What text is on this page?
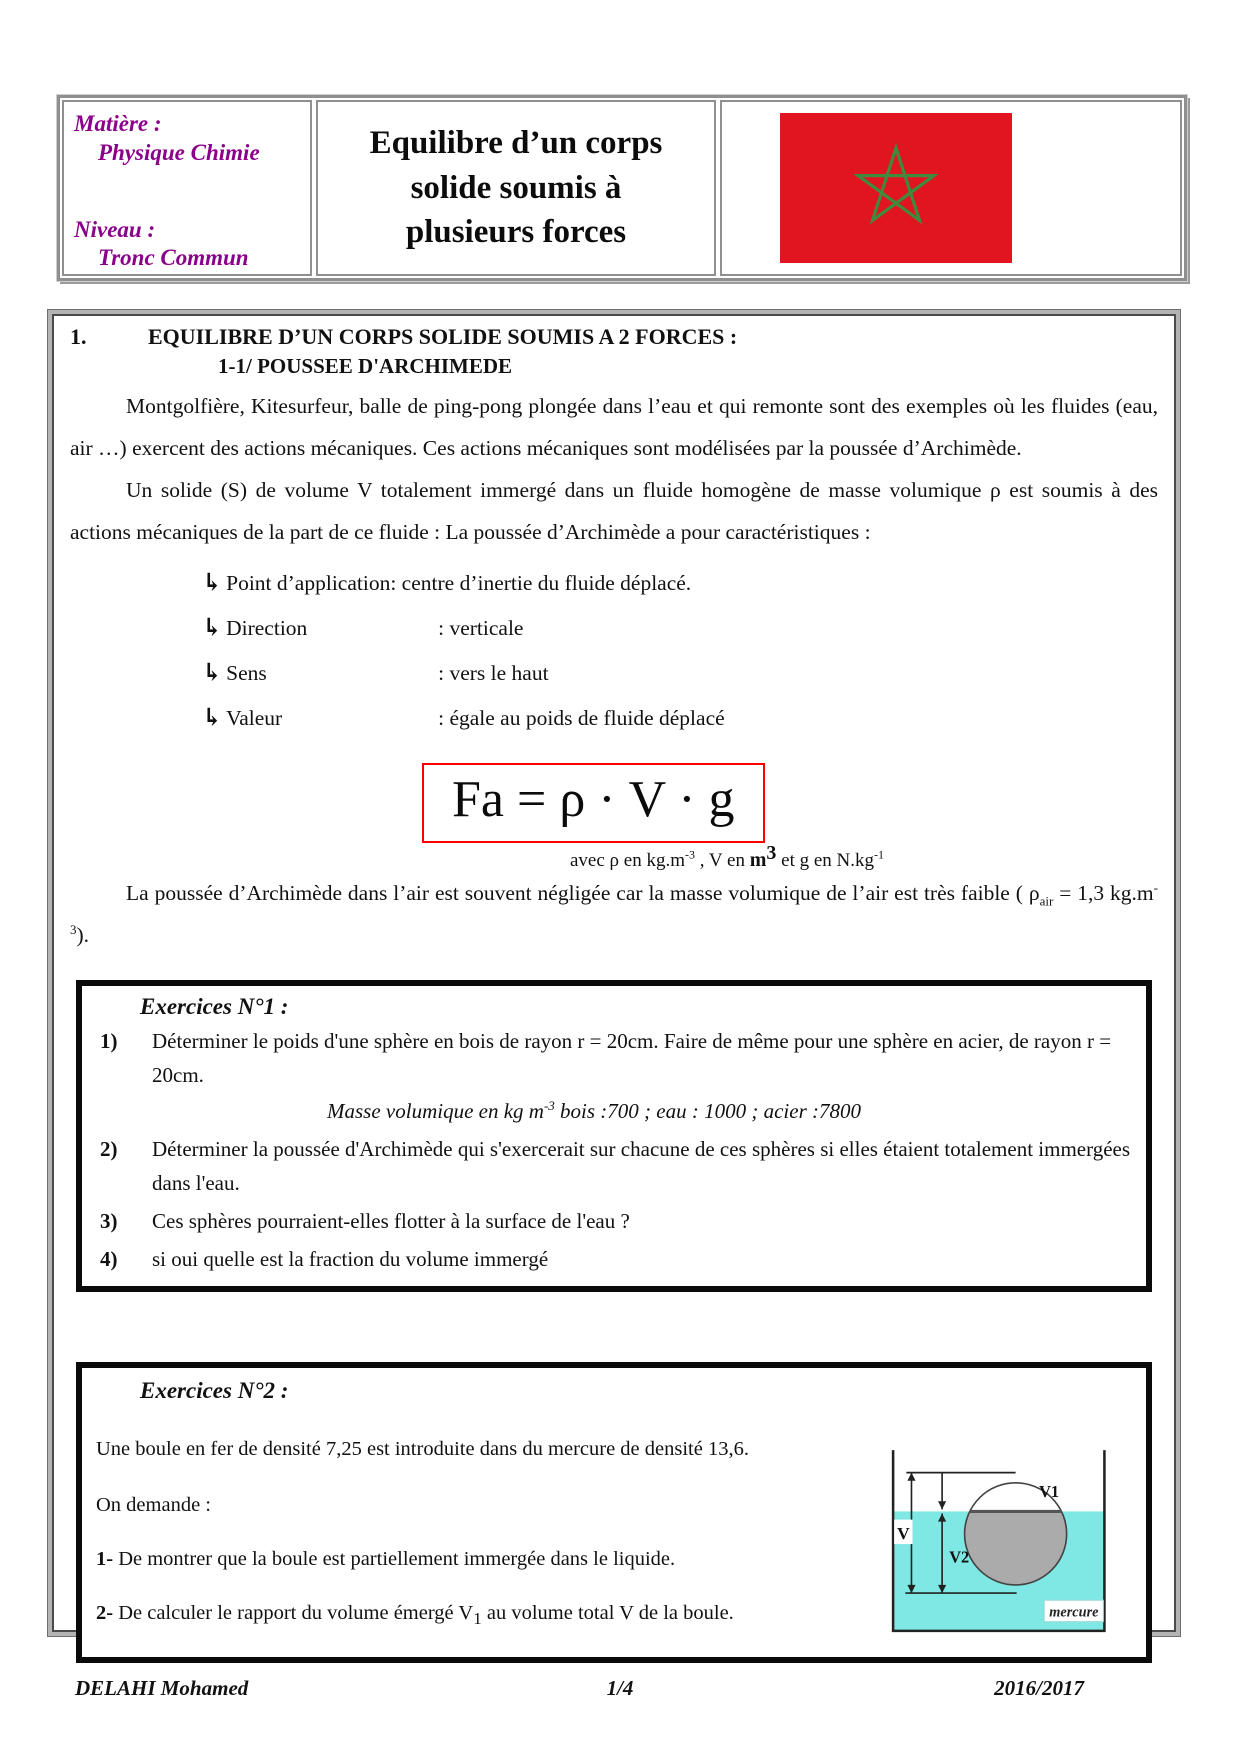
Matière :
Physique Chimie
Niveau :
Tronc Commun
Equilibre d’un corps
solide soumis à
plusieurs forces
1.	EQUILIBRE D’UN CORPS SOLIDE SOUMIS A 2 FORCES :
1-1/ POUSSEE D'ARCHIMEDE

Montgolfière, Kitesurfeur, balle de ping-pong plongée dans l’eau et qui remonte sont des exemples où les fluides (eau, air …) exercent des actions mécaniques. Ces actions mécaniques sont modélisées par la poussée d’Archimède.

Un solide (S) de volume V totalement immergé dans un fluide homogène de masse volumique ρ est soumis à des actions mécaniques de la part de ce fluide : La poussée d’Archimède a pour caractéristiques :

↳ Point d’application : centre d’inertie du fluide déplacé.
↳ Direction	: verticale
↳ Sens	: vers le haut
↳ Valeur	: égale au poids de fluide déplacé
Fa = ρ · V · g
avec ρ en $kg.m^{-3}$ , V en $m^3$ et g en $N.kg^{-1}$

La poussée d’Archimède dans l’air est souvent négligée car la masse volumique de l’air est très faible ( $\rho_{air} = 1,3$ $kg.m^{-3}$).

Exercices N°1 :
1)	Déterminer le poids d'une sphère en bois de rayon r = 20cm. Faire de même pour une sphère en acier, de rayon r = 20cm.
Masse volumique en kg $m^{-3}$ bois :700 ; eau : 1000 ; acier :7800
2)	Déterminer la poussée d'Archimède qui s'exercerait sur chacune de ces sphères si elles étaient totalement immergées dans l'eau.
3)	Ces sphères pourraient-elles flotter à la surface de l'eau ?
4)	si oui quelle est la fraction du volume immergé
Exercices N°2 :
Une boule en fer de densité 7,25 est introduite dans du mercure de densité 13,6.
On demande :
1- De montrer que la boule est partiellement immergée dans le liquide.
2- De calculer le rapport du volume émergé $V_1$ au volume total V de la boule.
V1
V
V2
mercure
1/4
DELAHI Mohamed	2016/2017
